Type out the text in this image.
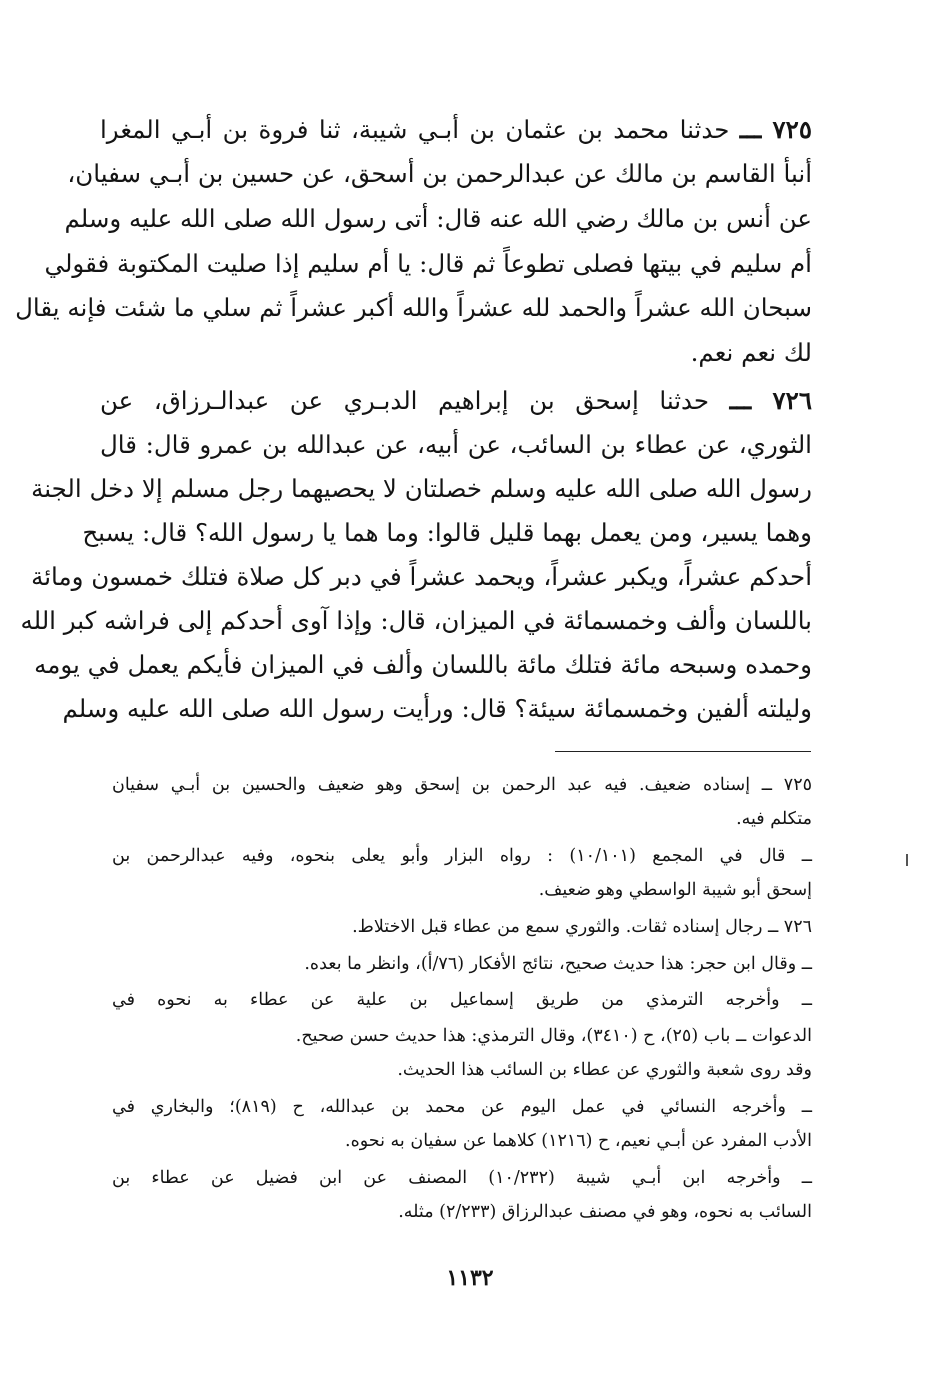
٧٢٥ ـــ حدثنا محمد بن عثمان بن أبـي شيبة، ثنا فروة بن أبـي المغرا
أنبأ القاسم بن مالك عن عبدالرحمن بن أسحق، عن حسين بن أبـي سفيان،
عن أنس بن مالك رضي الله عنه قال: أتى رسول الله صلى الله عليه وسلم
أم سليم في بيتها فصلى تطوعاً ثم قال: يا أم سليم إذا صليت المكتوبة فقولي
سبحان الله عشراً والحمد لله عشراً والله أكبر عشراً ثم سلي ما شئت فإنه يقال
لك نعم نعم.
٧٢٦ ـــ حدثنا إسحق بن إبراهيم الدبـري عن عبدالـرزاق، عن
الثوري، عن عطاء بن السائب، عن أبيه، عن عبدالله بن عمرو قال: قال
رسول الله صلى الله عليه وسلم خصلتان لا يحصيهما رجل مسلم إلا دخل الجنة
وهما يسير، ومن يعمل بهما قليل قالوا: وما هما يا رسول الله؟ قال: يسبح
أحدكم عشراً، ويكبر عشراً، ويحمد عشراً في دبر كل صلاة فتلك خمسون ومائة
باللسان وألف وخمسمائة في الميزان، قال: وإذا آوى أحدكم إلى فراشه كبر الله
وحمده وسبحه مائة فتلك مائة باللسان وألف في الميزان فأيكم يعمل في يومه
وليلته ألفين وخمسمائة سيئة؟ قال: ورأيت رسول الله صلى الله عليه وسلم
٧٢٥ ــ إسناده ضعيف. فيه عبد الرحمن بن إسحق وهو ضعيف والحسين بن أبـي سفيان
متكلم فيه.
ــ قال في المجمع (١٠/١٠١) : رواه البزار وأبو يعلى بنحوه، وفيه عبدالرحمن بن
إسحق أبو شيبة الواسطي وهو ضعيف.
٧٢٦ ــ رجال إسناده ثقات. والثوري سمع من عطاء قبل الاختلاط.
ــ وقال ابن حجر: هذا حديث صحيح، نتائج الأفكار (٧٦/أ)، وانظر ما بعده.
ــ وأخرجه الترمذي من طريق إسماعيل بن علية عن عطاء به نحوه في
الدعوات ــ باب (٢٥)، ح (٣٤١٠)، وقال الترمذي: هذا حديث حسن صحيح.
وقد روى شعبة والثوري عن عطاء بن السائب هذا الحديث.
ــ وأخرجه النسائي في عمل اليوم عن محمد بن عبدالله، ح (٨١٩)؛ والبخاري في
الأدب المفرد عن أبـي نعيم، ح (١٢١٦) كلاهما عن سفيان به نحوه.
ــ وأخرجه ابن أبـي شيبة (١٠/٢٣٢) المصنف عن ابن فضيل عن عطاء بن
السائب به نحوه، وهو في مصنف عبدالرزاق (٢/٢٣٣) مثله.
١١٣٢
